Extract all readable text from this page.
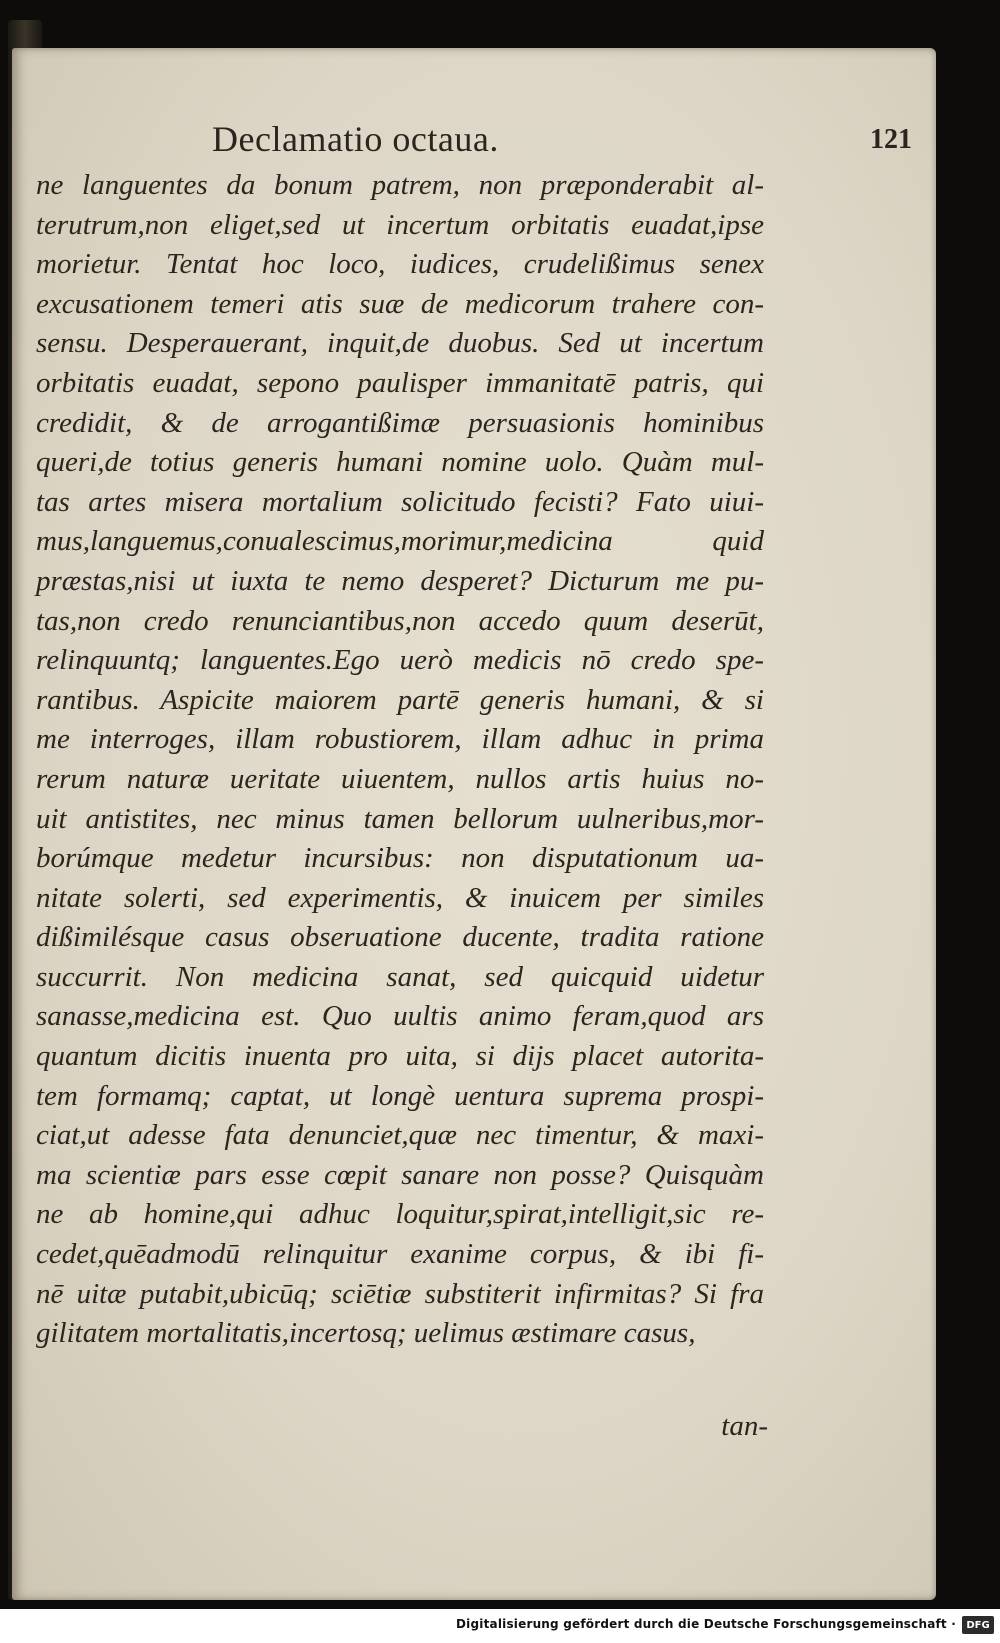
Declamatio octaua.	121
ne languentes da bonum patrem, non præponderabit al-
terutrum,non eliget,sed ut incertum orbitatis euadat,ipse
morietur. Tentat hoc loco, iudices, crudelißimus senex
excusationem temeri atis suæ de medicorum trahere con-
sensu. Desperauerant, inquit,de duobus. Sed ut incertum
orbitatis euadat, sepono paulisper immanitatē patris, qui
credidit, & de arrogantißimæ persuasionis hominibus
queri,de totius generis humani nomine uolo. Quàm mul-
tas artes misera mortalium solicitudo fecisti? Fato uiui-
mus,languemus,conualescimus,morimur,medicina quid
præstas,nisi ut iuxta te nemo desperet? Dicturum me pu-
tas,non credo renunciantibus,non accedo quum deserūt,
relinquuntq; languentes.Ego uerò medicis nō credo spe-
rantibus. Aspicite maiorem partē generis humani, & si
me interroges, illam robustiorem, illam adhuc in prima
rerum naturæ ueritate uiuentem, nullos artis huius no-
uit antistites, nec minus tamen bellorum uulneribus,mor-
borúmque medetur incursibus: non disputationum ua-
nitate solerti, sed experimentis, & inuicem per similes
dißimilésque casus obseruatione ducente, tradita ratione
succurrit. Non medicina sanat, sed quicquid uidetur
sanasse,medicina est. Quo uultis animo feram,quod ars
quantum dicitis inuenta pro uita, si dijs placet autorita-
tem formamq; captat, ut longè uentura suprema prospi-
ciat,ut adesse fata denunciet,quæ nec timentur, & maxi-
ma scientiæ pars esse cœpit sanare non posse? Quisquàm
ne ab homine,qui adhuc loquitur,spirat,intelligit,sic re-
cedet,quēadmodū relinquitur exanime corpus, & ibi fi-
nē uitæ putabit,ubicūq; sciētiæ substiterit infirmitas? Si fra
gilitatem mortalitatis,incertosq; uelimus æstimare casus,
tan-
Digitalisierung gefördert durch die Deutsche Forschungsgemeinschaft ·	DFG
